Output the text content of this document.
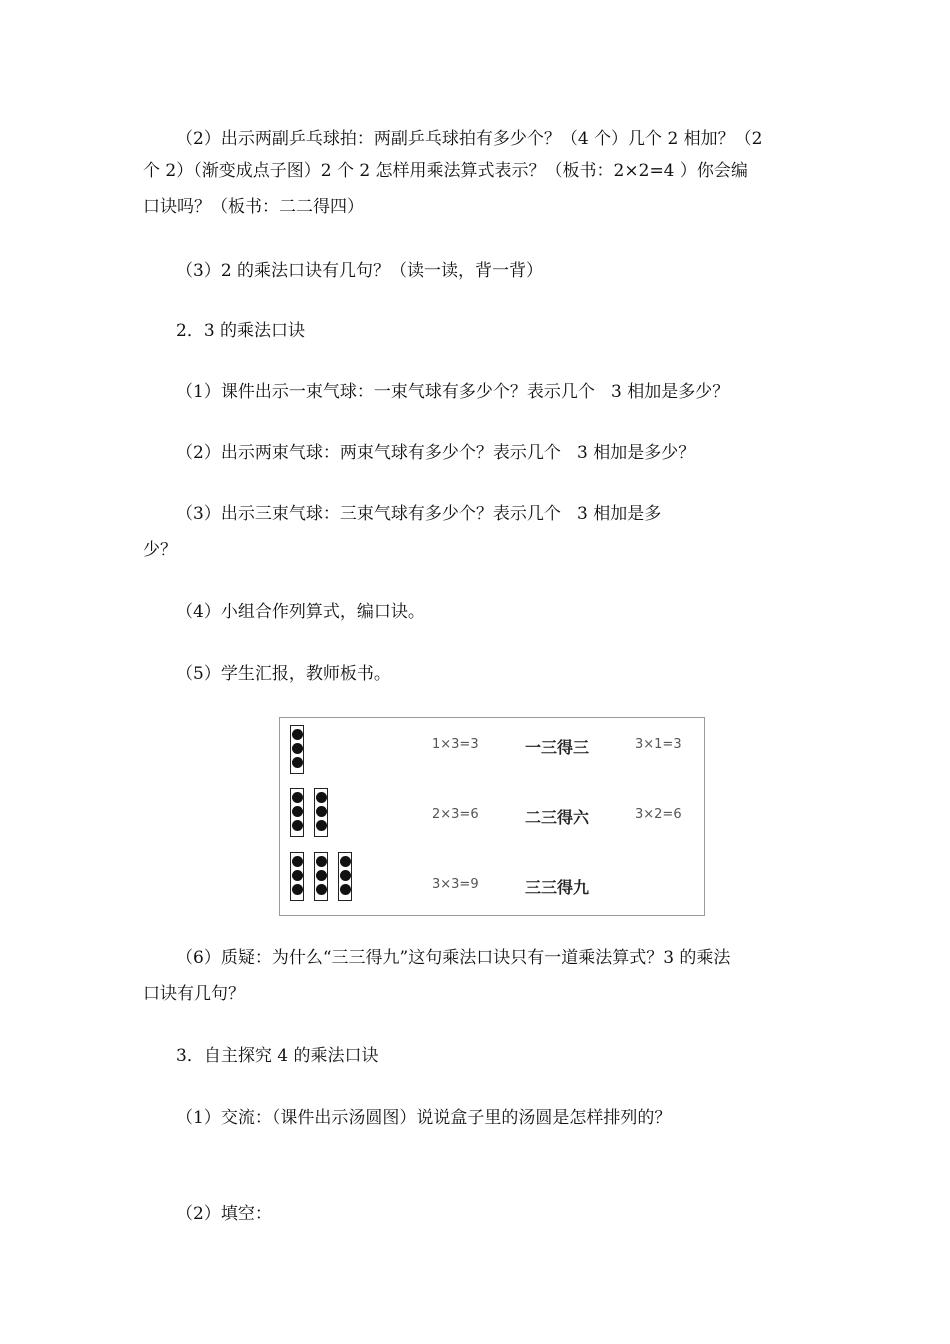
（2）出示两副乒乓球拍：两副乒乓球拍有多少个？（4 个）几个 2 相加？（2
个 2）（渐变成点子图）2 个 2 怎样用乘法算式表示？（板书：2×2=4 ）你会编
口诀吗？（板书：二二得四）
（3）2 的乘法口诀有几句？（读一读，背一背）
2．3 的乘法口诀
（1）课件出示一束气球：一束气球有多少个？表示几个   3 相加是多少？
（2）出示两束气球：两束气球有多少个？表示几个   3 相加是多少？
（3）出示三束气球：三束气球有多少个？表示几个   3 相加是多
少？
（4）小组合作列算式，编口诀。
（5）学生汇报，教师板书。
1×3=3	一三得三	3×1=3
2×3=6	二三得六	3×2=6
3×3=9	三三得九
（6）质疑：为什么“三三得九”这句乘法口诀只有一道乘法算式？3 的乘法
口诀有几句？
3．自主探究 4 的乘法口诀
（1）交流：（课件出示汤圆图）说说盒子里的汤圆是怎样排列的？
（2）填空：
